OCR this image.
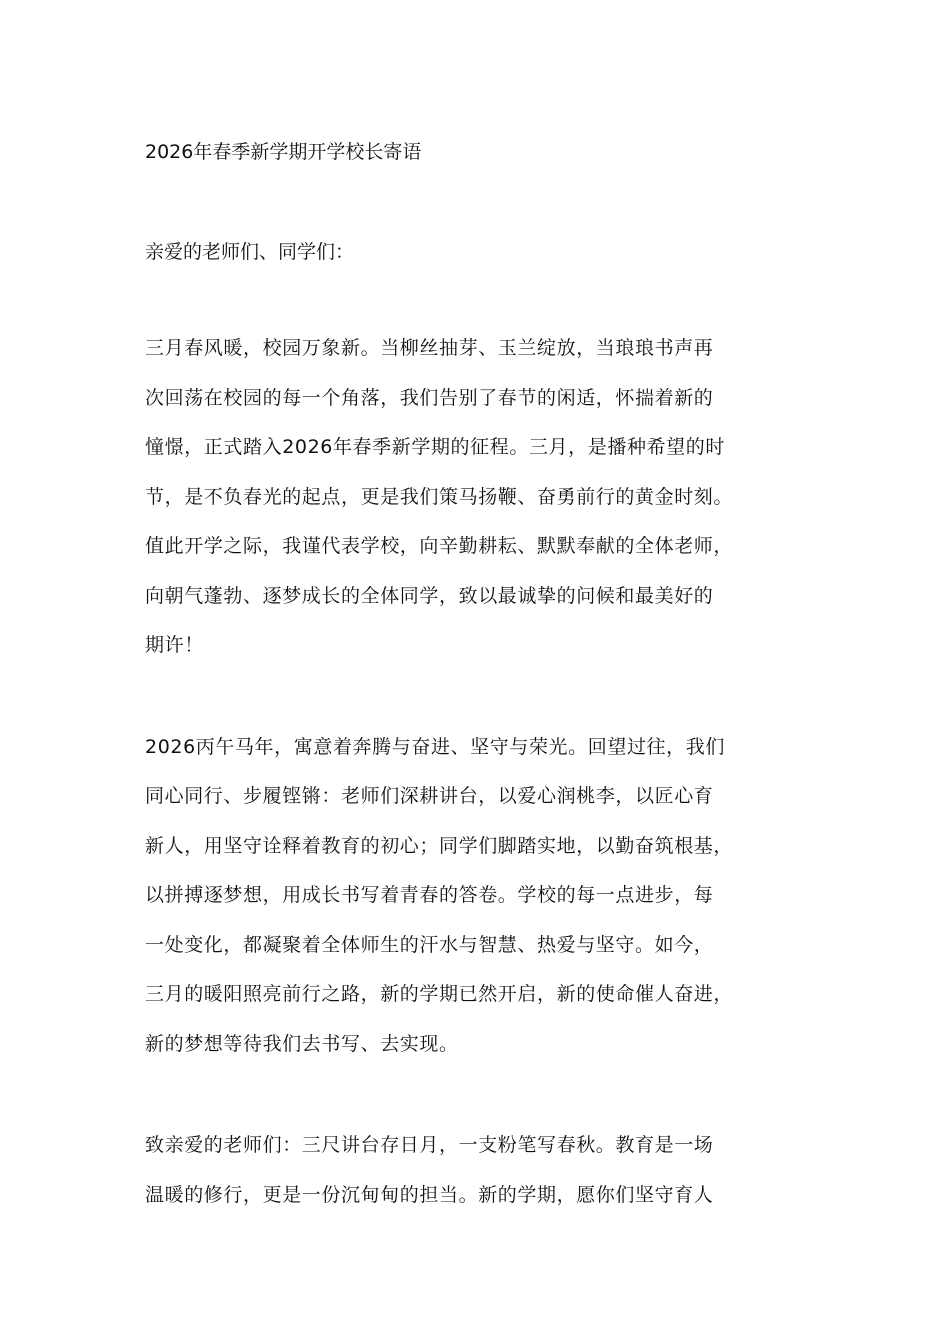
2026年春季新学期开学校长寄语
亲爱的老师们、同学们：
三月春风暖，校园万象新。当柳丝抽芽、玉兰绽放，当琅琅书声再
次回荡在校园的每一个角落，我们告别了春节的闲适，怀揣着新的
憧憬，正式踏入2026年春季新学期的征程。三月，是播种希望的时
节，是不负春光的起点，更是我们策马扬鞭、奋勇前行的黄金时刻。
值此开学之际，我谨代表学校，向辛勤耕耘、默默奉献的全体老师，
向朝气蓬勃、逐梦成长的全体同学，致以最诚挚的问候和最美好的
期许！
2026丙午马年，寓意着奔腾与奋进、坚守与荣光。回望过往，我们
同心同行、步履铿锵：老师们深耕讲台，以爱心润桃李，以匠心育
新人，用坚守诠释着教育的初心；同学们脚踏实地，以勤奋筑根基，
以拼搏逐梦想，用成长书写着青春的答卷。学校的每一点进步，每
一处变化，都凝聚着全体师生的汗水与智慧、热爱与坚守。如今，
三月的暖阳照亮前行之路，新的学期已然开启，新的使命催人奋进，
新的梦想等待我们去书写、去实现。
致亲爱的老师们：三尺讲台存日月，一支粉笔写春秋。教育是一场
温暖的修行，更是一份沉甸甸的担当。新的学期，愿你们坚守育人
